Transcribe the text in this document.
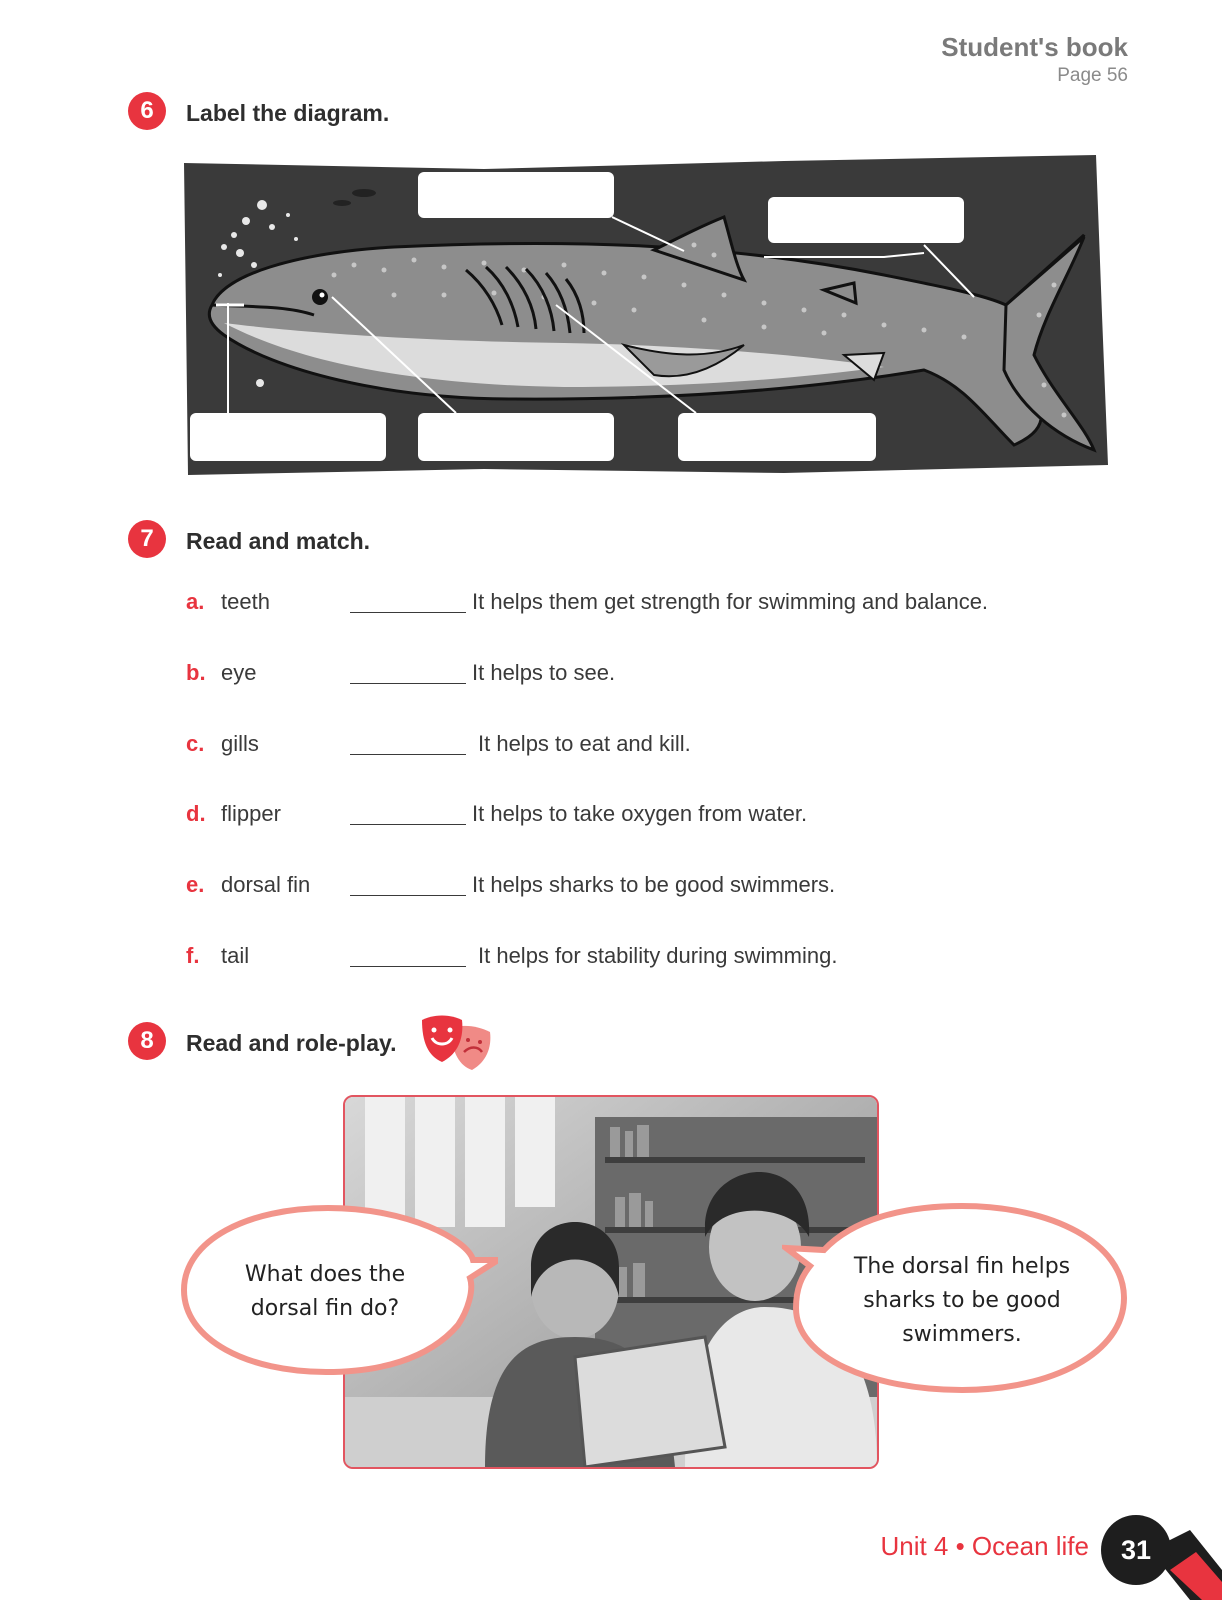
Student's book
Page 56
6	Label the diagram.
7	Read and match.
a. teeth	It helps them get strength for swimming and balance.
b. eye	It helps to see.
c. gills	It helps to eat and kill.
d. flipper	It helps to take oxygen from water.
e. dorsal fin	It helps sharks to be good swimmers.
f. tail	It helps for stability during swimming.
8	Read and role-play.
What does the
dorsal fin do?
The dorsal fin helps
sharks to be good
swimmers.
Unit 4 • Ocean life	31
